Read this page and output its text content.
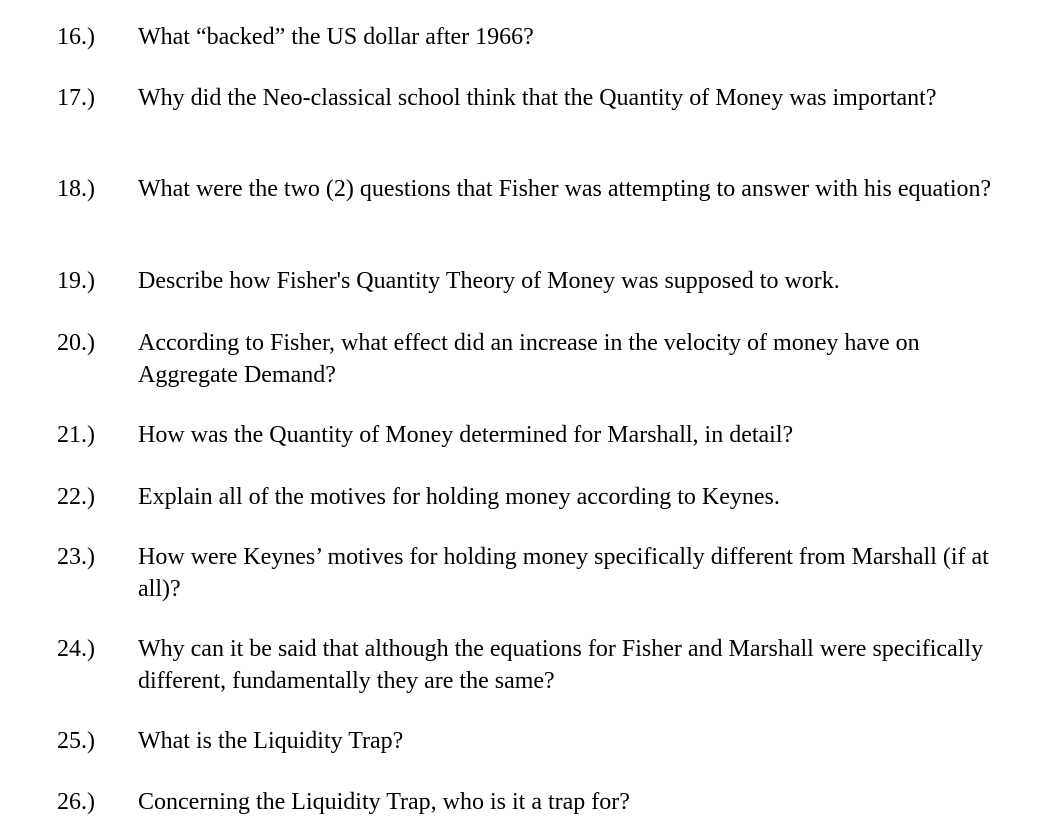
16.) What “backed” the US dollar after 1966?
17.) Why did the Neo-classical school think that the Quantity of Money was important?
18.) What were the two (2) questions that Fisher was attempting to answer with his equation?
19.) Describe how Fisher's Quantity Theory of Money was supposed to work.
20.) According to Fisher, what effect did an increase in the velocity of money have on Aggregate Demand?
21.) How was the Quantity of Money determined for Marshall, in detail?
22.) Explain all of the motives for holding money according to Keynes.
23.) How were Keynes’ motives for holding money specifically different from Marshall (if at all)?
24.) Why can it be said that although the equations for Fisher and Marshall were specifically different, fundamentally they are the same?
25.) What is the Liquidity Trap?
26.) Concerning the Liquidity Trap, who is it a trap for?
